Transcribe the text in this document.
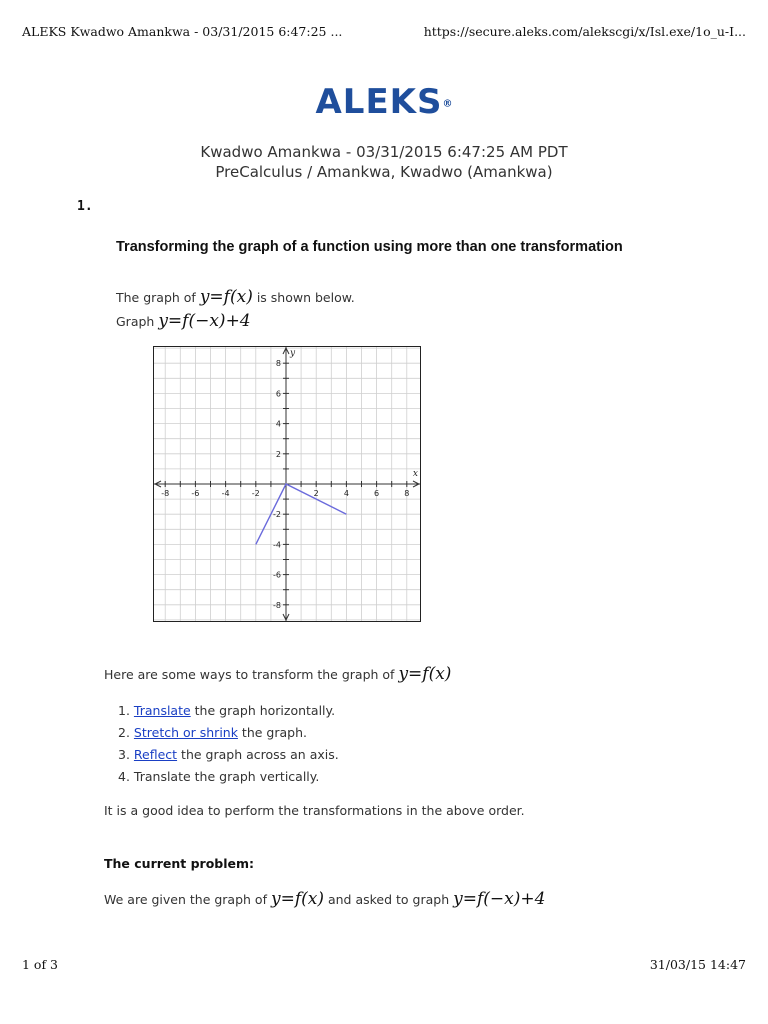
ALEKS Kwadwo Amankwa - 03/31/2015 6:47:25 ...	https://secure.aleks.com/alekscgi/x/Isl.exe/1o_u-I...
ALEKS®
Kwadwo Amankwa - 03/31/2015 6:47:25 AM PDT
PreCalculus / Amankwa, Kwadwo (Amankwa)
1.
Transforming the graph of a function using more than one transformation
The graph of y=f(x) is shown below.
Graph y=f(−x)+4
-8	-6	-4	-2	2	4	6	8
8
6
4
2
-2
-4
-6
-8
x
y
Here are some ways to transform the graph of y=f(x)
1. Translate the graph horizontally.
2. Stretch or shrink the graph.
3. Reflect the graph across an axis.
4. Translate the graph vertically.
It is a good idea to perform the transformations in the above order.
The current problem:
We are given the graph of y=f(x) and asked to graph y=f(−x)+4
1 of 3	31/03/15 14:47
